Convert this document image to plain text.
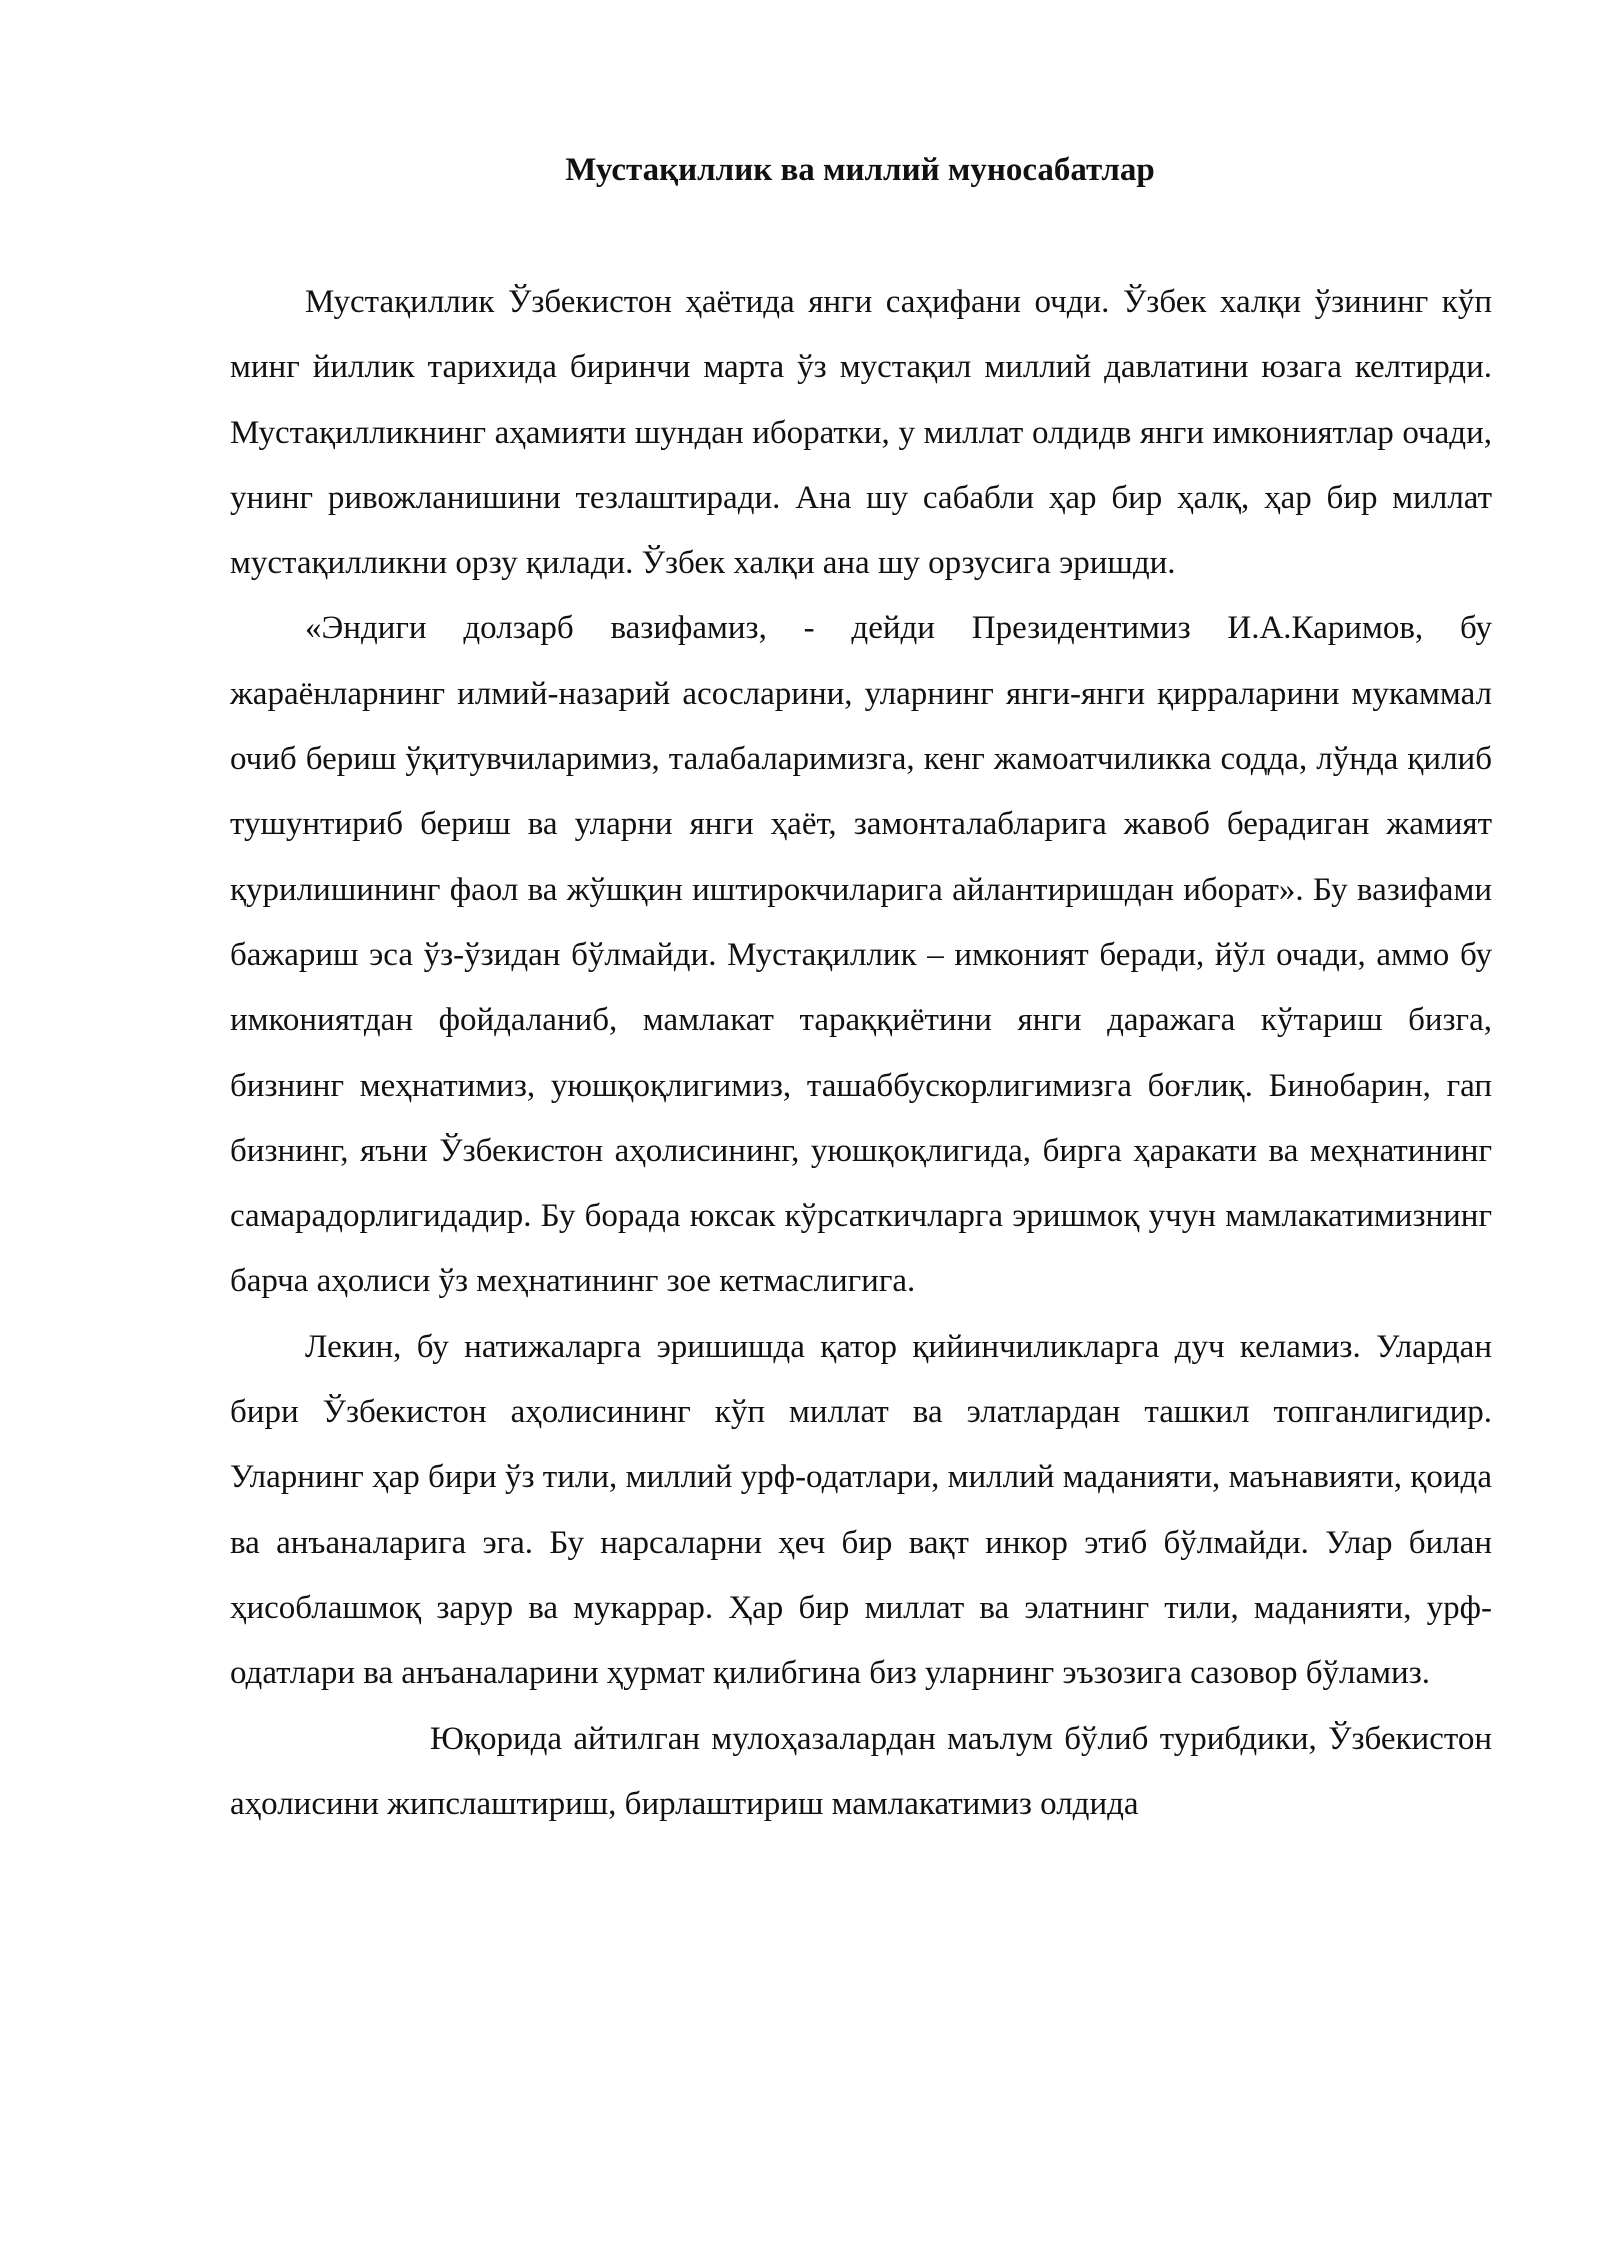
Мустақиллик ва миллий муносабатлар

Мустақиллик Ўзбекистон ҳаётида янги саҳифани очди. Ўзбек халқи ўзининг кўп минг йиллик тарихида биринчи марта ўз мустақил миллий давлатини юзага келтирди. Мустақилликнинг аҳамияти шундан иборатки, у миллат олдидв янги имкониятлар очади, унинг ривожланишини тезлаштиради. Ана шу сабабли ҳар бир ҳалқ, ҳар бир миллат мустақилликни орзу қилади. Ўзбек халқи ана шу орзусига эришди.

«Эндиги долзарб вазифамиз, - дейди Президентимиз И.А.Каримов, бу жараёнларнинг илмий-назарий асосларини, уларнинг янги-янги қирраларини мукаммал очиб бериш ўқитувчиларимиз, талабаларимизга, кенг жамоатчиликка содда, лўнда қилиб тушунтириб бериш ва уларни янги ҳаёт, замонталабларига жавоб берадиган жамият қурилишининг фаол ва жўшқин иштирокчиларига айлантиришдан иборат». Бу вазифами бажариш эса ўз-ўзидан бўлмайди. Мустақиллик – имконият беради, йўл очади, аммо бу имкониятдан фойдаланиб, мамлакат тараққиётини янги даражага кўтариш бизга, бизнинг меҳнатимиз, уюшқоқлигимиз, ташаббускорлигимизга боғлиқ. Бинобарин, гап бизнинг, яъни Ўзбекистон аҳолисининг, уюшқоқлигида, бирга ҳаракати ва меҳнатининг самарадорлигидадир. Бу борада юксак кўрсаткичларга эришмоқ учун мамлакатимизнинг барча аҳолиси ўз меҳнатининг зое кетмаслигига.

Лекин, бу натижаларга эришишда қатор қийинчиликларга дуч келамиз. Улардан бири Ўзбекистон аҳолисининг кўп миллат ва элатлардан ташкил топганлигидир. Уларнинг ҳар бири ўз тили, миллий урф-одатлари, миллий маданияти, маънавияти, қоида ва анъаналарига эга. Бу нарсаларни ҳеч бир вақт инкор этиб бўлмайди. Улар билан ҳисоблашмоқ зарур ва мукаррар. Ҳар бир миллат ва элатнинг тили, маданияти, урф-одатлари ва анъаналарини ҳурмат қилибгина биз уларнинг эъзозига сазовор бўламиз.

Юқорида айтилган мулоҳазалардан маълум бўлиб турибдики, Ўзбекистон аҳолисини жипслаштириш, бирлаштириш мамлакатимиз олдида
